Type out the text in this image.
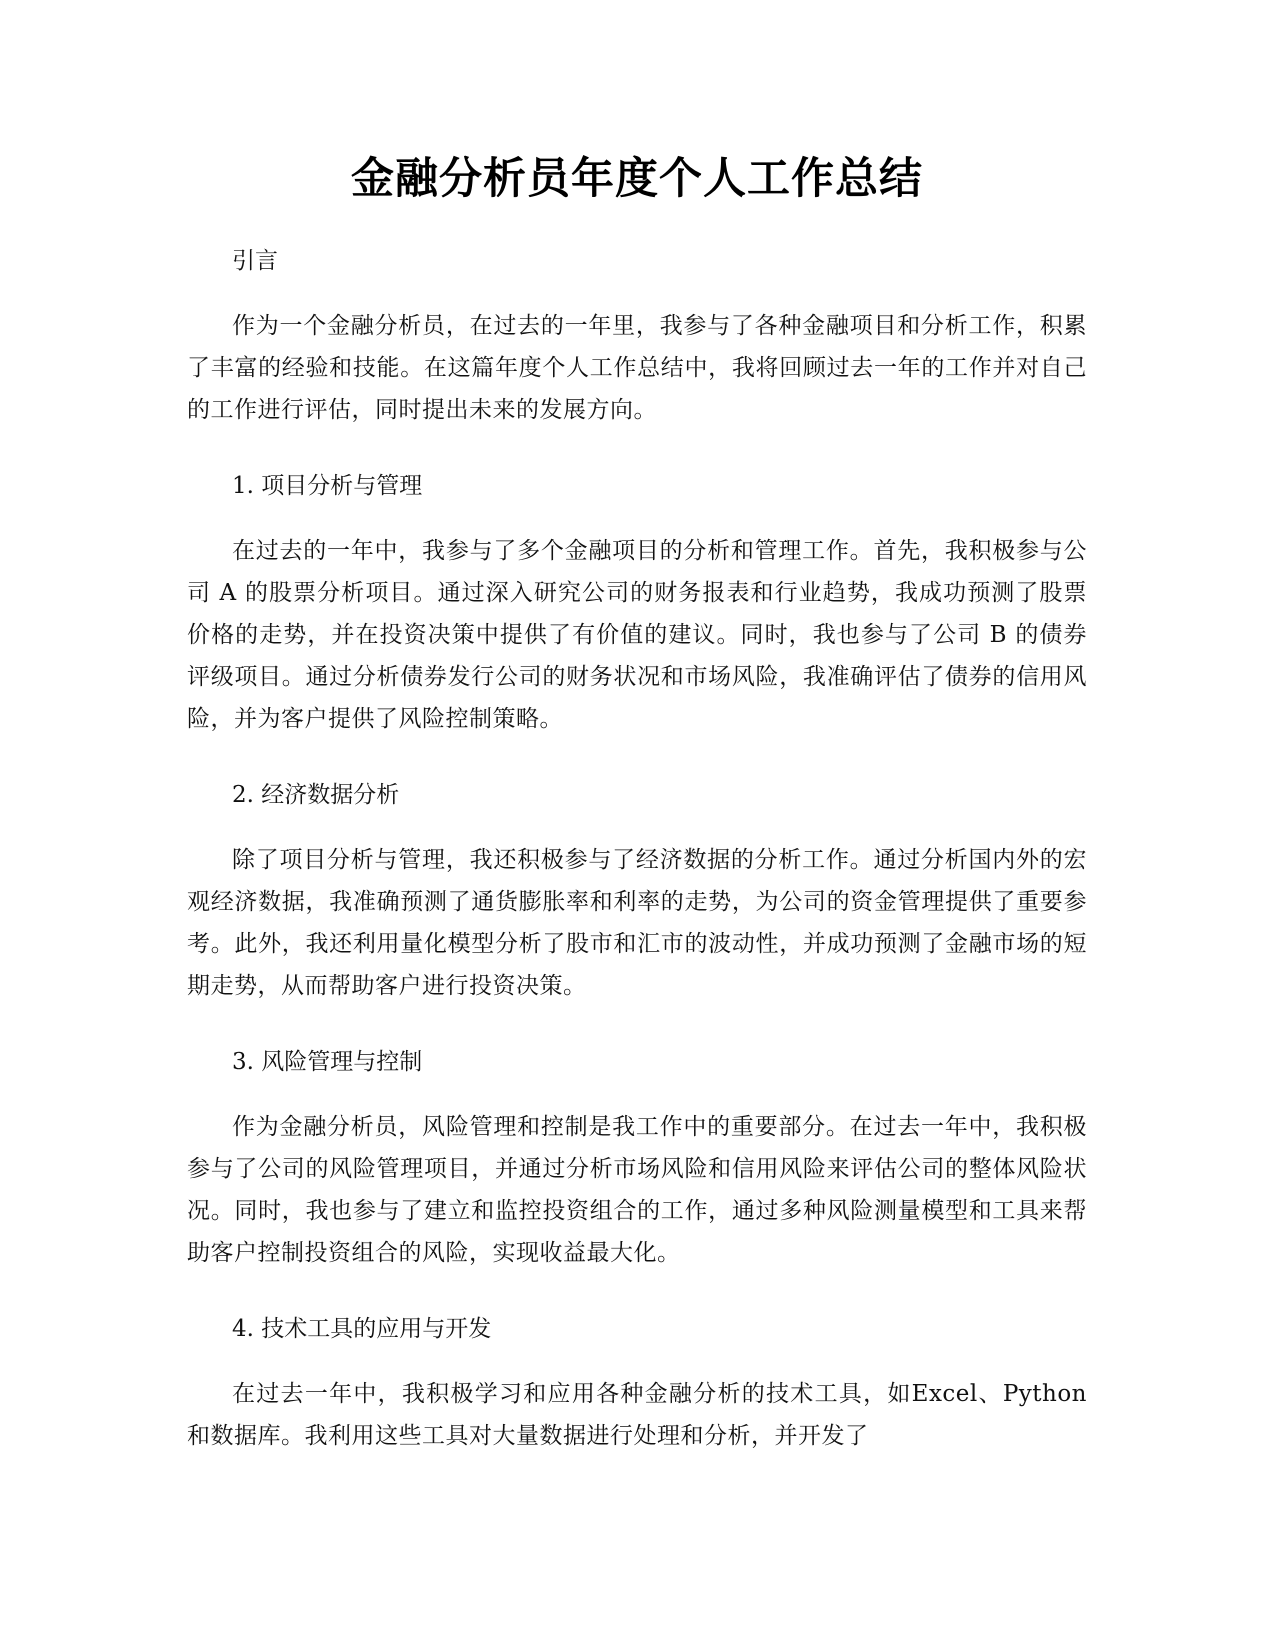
金融分析员年度个人工作总结

引言

作为一个金融分析员，在过去的一年里，我参与了各种金融项目和分析工作，积累了丰富的经验和技能。在这篇年度个人工作总结中，我将回顾过去一年的工作并对自己的工作进行评估，同时提出未来的发展方向。

1. 项目分析与管理

在过去的一年中，我参与了多个金融项目的分析和管理工作。首先，我积极参与公司 A 的股票分析项目。通过深入研究公司的财务报表和行业趋势，我成功预测了股票价格的走势，并在投资决策中提供了有价值的建议。同时，我也参与了公司 B 的债券评级项目。通过分析债券发行公司的财务状况和市场风险，我准确评估了债券的信用风险，并为客户提供了风险控制策略。

2. 经济数据分析

除了项目分析与管理，我还积极参与了经济数据的分析工作。通过分析国内外的宏观经济数据，我准确预测了通货膨胀率和利率的走势，为公司的资金管理提供了重要参考。此外，我还利用量化模型分析了股市和汇市的波动性，并成功预测了金融市场的短期走势，从而帮助客户进行投资决策。

3. 风险管理与控制

作为金融分析员，风险管理和控制是我工作中的重要部分。在过去一年中，我积极参与了公司的风险管理项目，并通过分析市场风险和信用风险来评估公司的整体风险状况。同时，我也参与了建立和监控投资组合的工作，通过多种风险测量模型和工具来帮助客户控制投资组合的风险，实现收益最大化。

4. 技术工具的应用与开发

在过去一年中，我积极学习和应用各种金融分析的技术工具，如Excel、Python 和数据库。我利用这些工具对大量数据进行处理和分析，并开发了
